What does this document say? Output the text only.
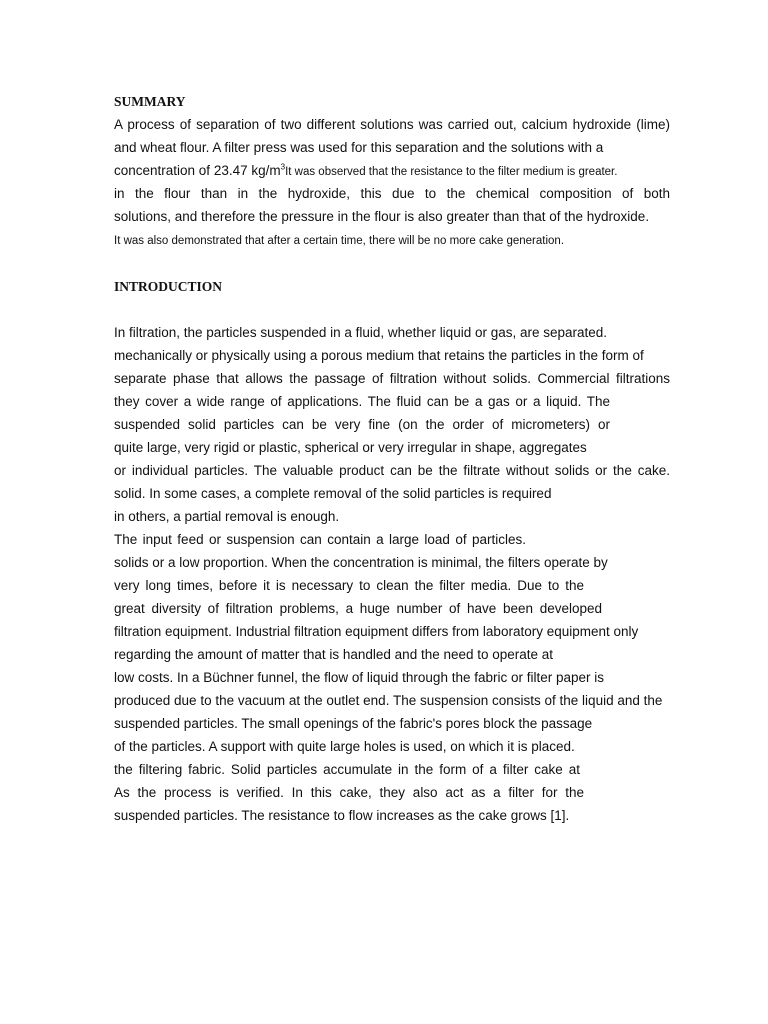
SUMMARY
A process of separation of two different solutions was carried out, calcium hydroxide (lime)
and wheat flour. A filter press was used for this separation and the solutions with a
concentration of 23.47 $kg/m^3It$ was observed that the resistance to the filter medium is greater.
in the flour than in the hydroxide, this due to the chemical composition of both
solutions, and therefore the pressure in the flour is also greater than that of the hydroxide.
It was also demonstrated that after a certain time, there will be no more cake generation.
INTRODUCTION
In filtration, the particles suspended in a fluid, whether liquid or gas, are separated.
mechanically or physically using a porous medium that retains the particles in the form of
separate phase that allows the passage of filtration without solids. Commercial filtrations
they cover a wide range of applications. The fluid can be a gas or a liquid. The
suspended solid particles can be very fine (on the order of micrometers) or
quite large, very rigid or plastic, spherical or very irregular in shape, aggregates
or individual particles. The valuable product can be the filtrate without solids or the cake.
solid. In some cases, a complete removal of the solid particles is required
in others, a partial removal is enough.
The input feed or suspension can contain a large load of particles.
solids or a low proportion. When the concentration is minimal, the filters operate by
very long times, before it is necessary to clean the filter media. Due to the
great diversity of filtration problems, a huge number of have been developed
filtration equipment. Industrial filtration equipment differs from laboratory equipment only
regarding the amount of matter that is handled and the need to operate at
low costs. In a Büchner funnel, the flow of liquid through the fabric or filter paper is
produced due to the vacuum at the outlet end. The suspension consists of the liquid and the
suspended particles. The small openings of the fabric's pores block the passage
of the particles. A support with quite large holes is used, on which it is placed.
the filtering fabric. Solid particles accumulate in the form of a filter cake at
As the process is verified. In this cake, they also act as a filter for the
suspended particles. The resistance to flow increases as the cake grows [1].
